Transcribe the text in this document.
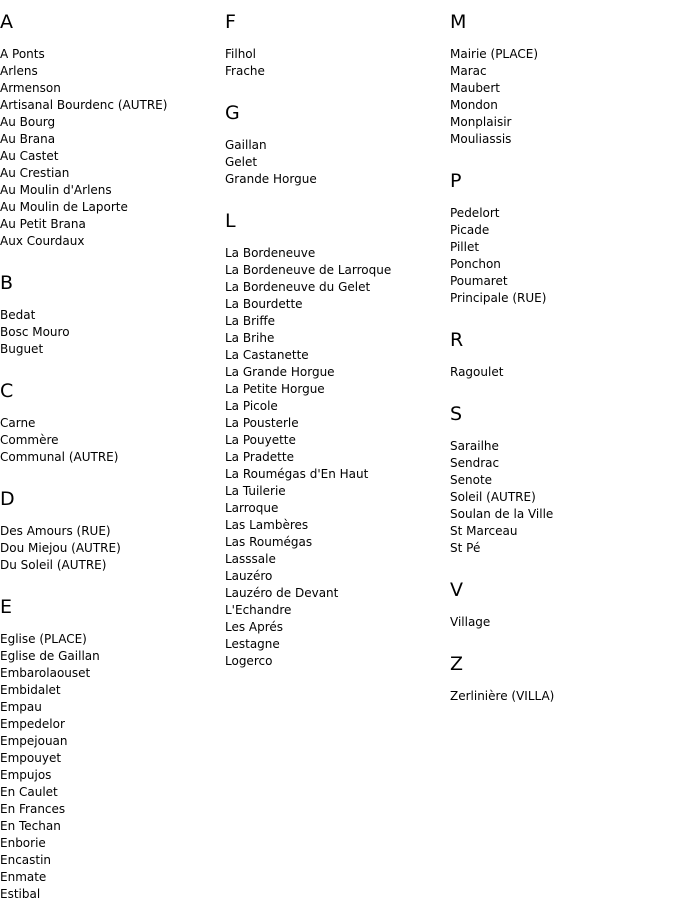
A
A Ponts
Arlens
Armenson
Artisanal Bourdenc (AUTRE)
Au Bourg
Au Brana
Au Castet
Au Crestian
Au Moulin d'Arlens
Au Moulin de Laporte
Au Petit Brana
Aux Courdaux
B
Bedat
Bosc Mouro
Buguet
C
Carne
Commère
Communal (AUTRE)
D
Des Amours (RUE)
Dou Miejou (AUTRE)
Du Soleil (AUTRE)
E
Eglise (PLACE)
Eglise de Gaillan
Embarolaouset
Embidalet
Empau
Empedelor
Empejouan
Empouyet
Empujos
En Caulet
En Frances
En Techan
Enborie
Encastin
Enmate
Estibal
F
Filhol
Frache
G
Gaillan
Gelet
Grande Horgue
L
La Bordeneuve
La Bordeneuve de Larroque
La Bordeneuve du Gelet
La Bourdette
La Briffe
La Brihe
La Castanette
La Grande Horgue
La Petite Horgue
La Picole
La Pousterle
La Pouyette
La Pradette
La Roumégas d'En Haut
La Tuilerie
Larroque
Las Lambères
Las Roumégas
Lasssale
Lauzéro
Lauzéro de Devant
L'Echandre
Les Aprés
Lestagne
Logerco
M
Mairie (PLACE)
Marac
Maubert
Mondon
Monplaisir
Mouliassis
P
Pedelort
Picade
Pillet
Ponchon
Poumaret
Principale (RUE)
R
Ragoulet
S
Sarailhe
Sendrac
Senote
Soleil (AUTRE)
Soulan de la Ville
St Marceau
St Pé
V
Village
Z
Zerlinière (VILLA)
